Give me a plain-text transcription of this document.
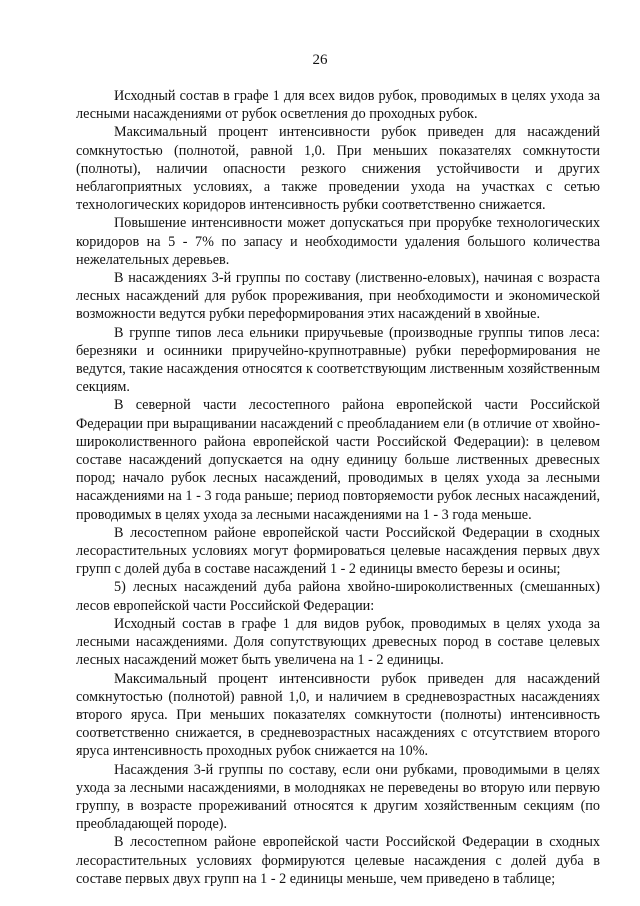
26

Исходный состав в графе 1 для всех видов рубок, проводимых в целях ухода за лесными насаждениями от рубок осветления до проходных рубок.

Максимальный процент интенсивности рубок приведен для насаждений сомкнутостью (полнотой, равной 1,0. При меньших показателях сомкнутости (полноты), наличии опасности резкого снижения устойчивости и других неблагоприятных условиях, а также проведении ухода на участках с сетью технологических коридоров интенсивность рубки соответственно снижается.

Повышение интенсивности может допускаться при прорубке технологических коридоров на 5 - 7% по запасу и необходимости удаления большого количества нежелательных деревьев.

В насаждениях 3-й группы по составу (лиственно-еловых), начиная с возраста лесных насаждений для рубок прореживания, при необходимости и экономической возможности ведутся рубки переформирования этих насаждений в хвойные.

В группе типов леса ельники приручьевые (производные группы типов леса: березняки и осинники приручейно-крупнотравные) рубки переформирования не ведутся, такие насаждения относятся к соответствующим лиственным хозяйственным секциям.

В северной части лесостепного района европейской части Российской Федерации при выращивании насаждений с преобладанием ели (в отличие от хвойно-широколиственного района европейской части Российской Федерации): в целевом составе насаждений допускается на одну единицу больше лиственных древесных пород; начало рубок лесных насаждений, проводимых в целях ухода за лесными насаждениями на 1 - 3 года раньше; период повторяемости рубок лесных насаждений, проводимых в целях ухода за лесными насаждениями на 1 - 3 года меньше.

В лесостепном районе европейской части Российской Федерации в сходных лесорастительных условиях могут формироваться целевые насаждения первых двух групп с долей дуба в составе насаждений 1 - 2 единицы вместо березы и осины;

5) лесных насаждений дуба района хвойно-широколиственных (смешанных) лесов европейской части Российской Федерации:

Исходный состав в графе 1 для видов рубок, проводимых в целях ухода за лесными насаждениями. Доля сопутствующих древесных пород в составе целевых лесных насаждений может быть увеличена на 1 - 2 единицы.

Максимальный процент интенсивности рубок приведен для насаждений сомкнутостью (полнотой) равной 1,0, и наличием в средневозрастных насаждениях второго яруса. При меньших показателях сомкнутости (полноты) интенсивность соответственно снижается, в средневозрастных насаждениях с отсутствием второго яруса интенсивность проходных рубок снижается на 10%.

Насаждения 3-й группы по составу, если они рубками, проводимыми в целях ухода за лесными насаждениями, в молодняках не переведены во вторую или первую группу, в возрасте прореживаний относятся к другим хозяйственным секциям (по преобладающей породе).

В лесостепном районе европейской части Российской Федерации в сходных лесорастительных условиях формируются целевые насаждения с долей дуба в составе первых двух групп на 1 - 2 единицы меньше, чем приведено в таблице;
